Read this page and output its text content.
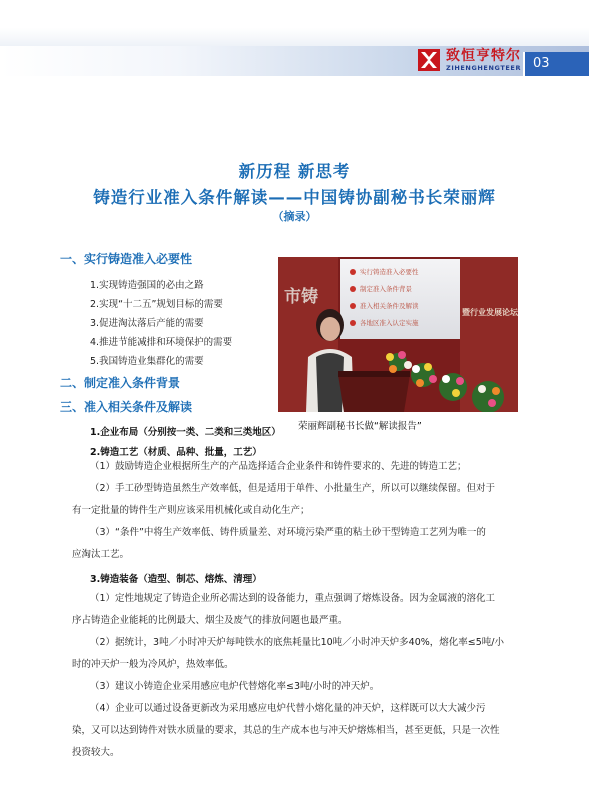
致恒亨特尔
ZIHENGHENGTEER 03
新历程 新思考
铸造行业准入条件解读——中国铸协副秘书长荣丽辉
（摘录）
一、实行铸造准入必要性
1.实现铸造强国的必由之路
2.实现“十二五”规划目标的需要
3.促进淘汰落后产能的需要
4.推进节能减排和环境保护的需要
5.我国铸造业集群化的需要
二、制定准入条件背景
三、准入相关条件及解读
市铸
实行铸造准入必要性
制定准入条件背景
准入相关条件及解读
各地区准入认定实施
暨行业发展论坛
荣丽辉副秘书长做“解读报告”
1.企业布局（分别按一类、二类和三类地区）
2.铸造工艺（材质、品种、批量，工艺）
（1）鼓励铸造企业根据所生产的产品选择适合企业条件和铸件要求的、先进的铸造工艺；
（2）手工砂型铸造虽然生产效率低，但是适用于单件、小批量生产，所以可以继续保留。但对于
有一定批量的铸件生产则应该采用机械化或自动化生产；
（3）“条件”中将生产效率低、铸件质量差、对环境污染严重的粘土砂干型铸造工艺列为唯一的
应淘汰工艺。
3.铸造装备（造型、制芯、熔炼、清理）
（1）定性地规定了铸造企业所必需达到的设备能力，重点强调了熔炼设备。因为金属液的溶化工
序占铸造企业能耗的比例最大、烟尘及废气的排放问题也最严重。
（2）据统计，3吨／小时冲天炉每吨铁水的底焦耗量比10吨／小时冲天炉多40%，熔化率≤5吨/小
时的冲天炉一般为冷风炉，热效率低。
（3）建议小铸造企业采用感应电炉代替熔化率≤3吨/小时的冲天炉。
（4）企业可以通过设备更新改为采用感应电炉代替小熔化量的冲天炉，这样既可以大大减少污
染，又可以达到铸件对铁水质量的要求，其总的生产成本也与冲天炉熔炼相当，甚至更低，只是一次性
投资较大。
